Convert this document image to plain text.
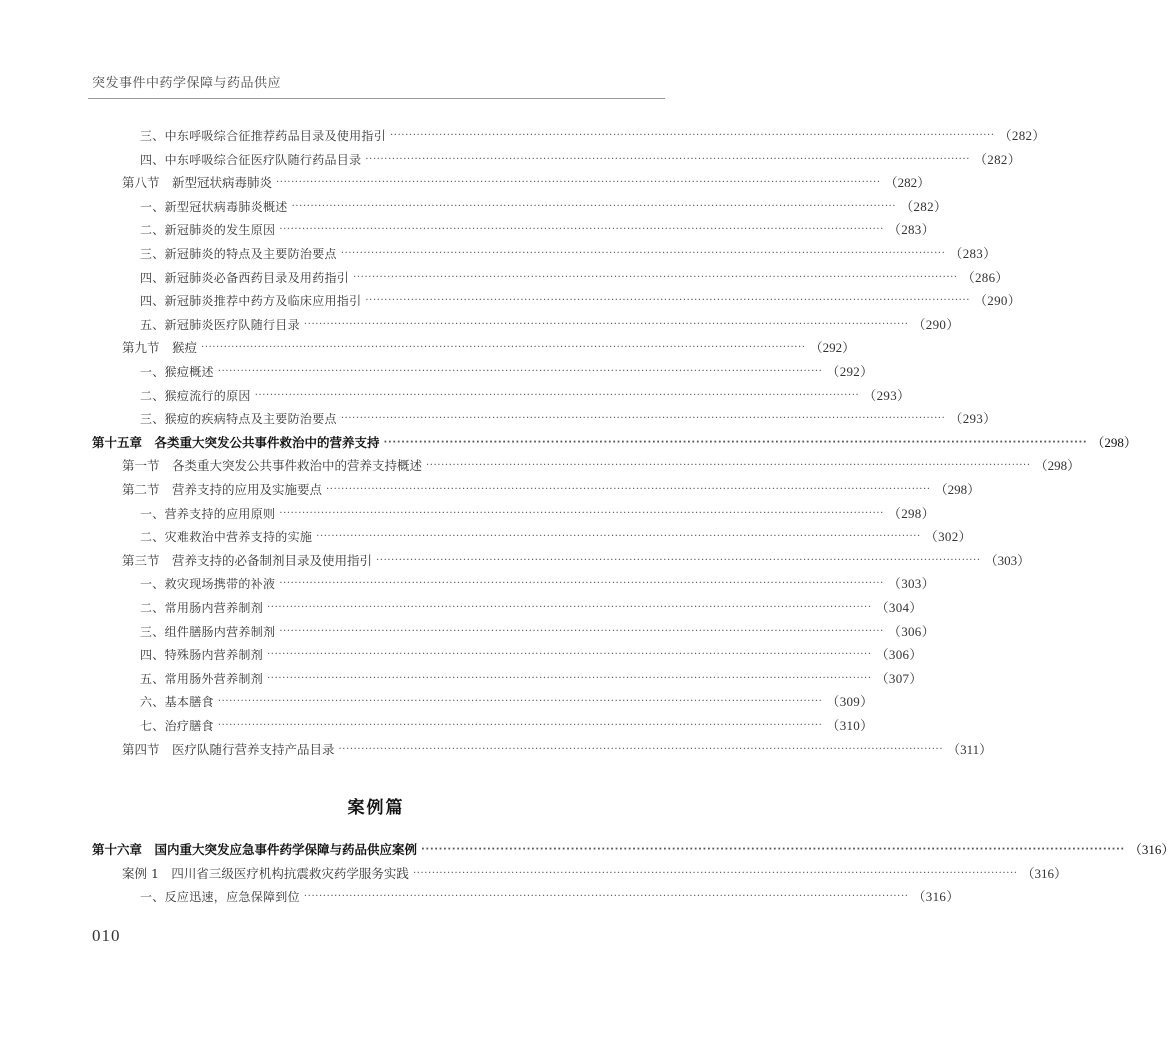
突发事件中药学保障与药品供应
三、中东呼吸综合征推荐药品目录及使用指引 ································································································································································ （282）
四、中东呼吸综合征医疗队随行药品目录 ································································································································································ （282）
第八节　新型冠状病毒肺炎 ································································································································································ （282）
一、新型冠状病毒肺炎概述 ································································································································································ （282）
二、新冠肺炎的发生原因 ································································································································································ （283）
三、新冠肺炎的特点及主要防治要点 ································································································································································ （283）
四、新冠肺炎必备西药目录及用药指引 ································································································································································ （286）
四、新冠肺炎推荐中药方及临床应用指引 ································································································································································ （290）
五、新冠肺炎医疗队随行目录 ································································································································································ （290）
第九节　猴痘 ································································································································································ （292）
一、猴痘概述 ································································································································································ （292）
二、猴痘流行的原因 ································································································································································ （293）
三、猴痘的疾病特点及主要防治要点 ································································································································································ （293）
第十五章　各类重大突发公共事件救治中的营养支持 ································································································································································ （298）
第一节　各类重大突发公共事件救治中的营养支持概述 ································································································································································ （298）
第二节　营养支持的应用及实施要点 ································································································································································ （298）
一、营养支持的应用原则 ································································································································································ （298）
二、灾难救治中营养支持的实施 ································································································································································ （302）
第三节　营养支持的必备制剂目录及使用指引 ································································································································································ （303）
一、救灾现场携带的补液 ································································································································································ （303）
二、常用肠内营养制剂 ································································································································································ （304）
三、组件膳肠内营养制剂 ································································································································································ （306）
四、特殊肠内营养制剂 ································································································································································ （306）
五、常用肠外营养制剂 ································································································································································ （307）
六、基本膳食 ································································································································································ （309）
七、治疗膳食 ································································································································································ （310）
第四节　医疗队随行营养支持产品目录 ································································································································································ （311）
案例篇
第十六章　国内重大突发应急事件药学保障与药品供应案例 ································································································································································ （316）
案例 1　四川省三级医疗机构抗震救灾药学服务实践 ································································································································································ （316）
一、反应迅速，应急保障到位 ································································································································································ （316）
010
